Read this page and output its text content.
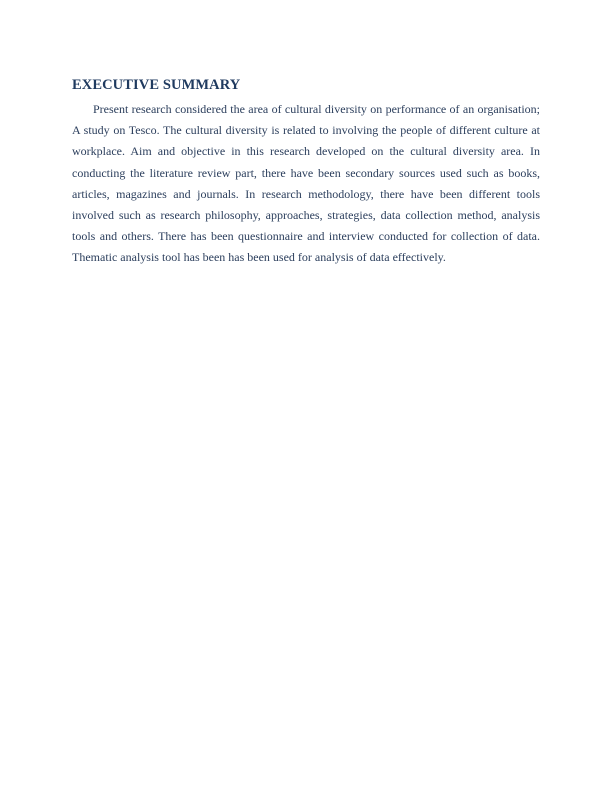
EXECUTIVE SUMMARY

Present research considered the area of cultural diversity on performance of an organisation; A study on Tesco. The cultural diversity is related to involving the people of different culture at workplace. Aim and objective in this research developed on the cultural diversity area. In conducting the literature review part, there have been secondary sources used such as books, articles, magazines and journals. In research methodology, there have been different tools involved such as research philosophy, approaches, strategies, data collection method, analysis tools and others. There has been questionnaire and interview conducted for collection of data. Thematic analysis tool has been has been used for analysis of data effectively.
